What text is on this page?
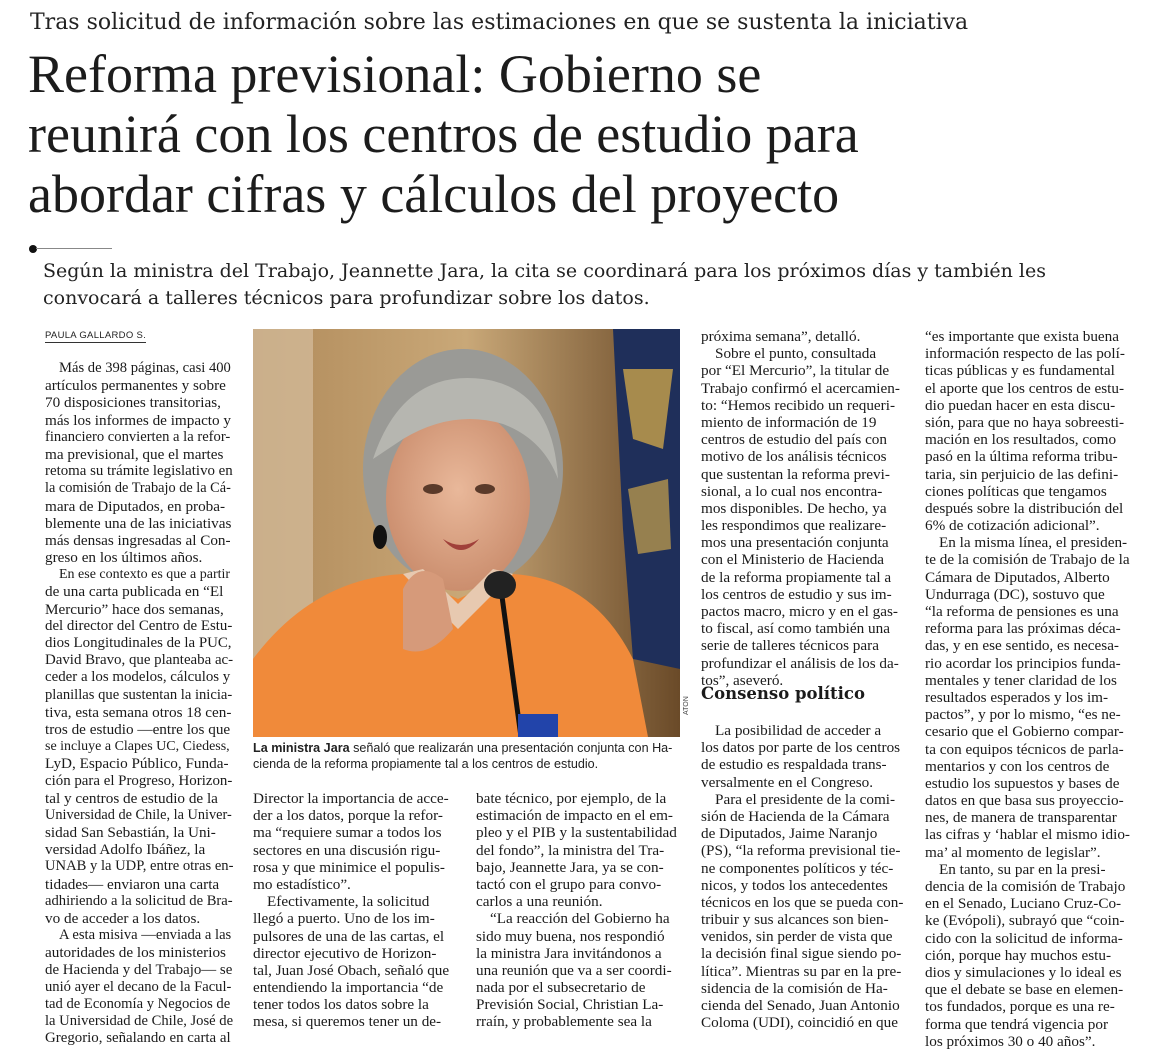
Tras solicitud de información sobre las estimaciones en que se sustenta la iniciativa
Reforma previsional: Gobierno se
reunirá con los centros de estudio para
abordar cifras y cálculos del proyecto
Según la ministra del Trabajo, Jeannette Jara, la cita se coordinará para los próximos días y también les
convocará a talleres técnicos para profundizar sobre los datos.
PAULA GALLARDO S.
Más de 398 páginas, casi 400
artículos permanentes y sobre
70 disposiciones transitorias,
más los informes de impacto y
financiero convierten a la refor-
ma previsional, que el martes
retoma su trámite legislativo en
la comisión de Trabajo de la Cá-
mara de Diputados, en proba-
blemente una de las iniciativas
más densas ingresadas al Con-
greso en los últimos años.
En ese contexto es que a partir
de una carta publicada en “El
Mercurio” hace dos semanas,
del director del Centro de Estu-
dios Longitudinales de la PUC,
David Bravo, que planteaba ac-
ceder a los modelos, cálculos y
planillas que sustentan la inicia-
tiva, esta semana otros 18 cen-
tros de estudio —entre los que
se incluye a Clapes UC, Ciedess,
LyD, Espacio Público, Funda-
ción para el Progreso, Horizon-
tal y centros de estudio de la
Universidad de Chile, la Univer-
sidad San Sebastián, la Uni-
versidad Adolfo Ibáñez, la
UNAB y la UDP, entre otras en-
tidades— enviaron una carta
adhiriendo a la solicitud de Bra-
vo de acceder a los datos.
A esta misiva —enviada a las
autoridades de los ministerios
de Hacienda y del Trabajo— se
unió ayer el decano de la Facul-
tad de Economía y Negocios de
la Universidad de Chile, José de
Gregorio, señalando en carta al
ATON
La ministra Jara señaló que realizarán una presentación conjunta con Ha-
cienda de la reforma propiamente tal a los centros de estudio.
Director la importancia de acce-
der a los datos, porque la refor-
ma “requiere sumar a todos los
sectores en una discusión rigu-
rosa y que minimice el populis-
mo estadístico”.
Efectivamente, la solicitud
llegó a puerto. Uno de los im-
pulsores de una de las cartas, el
director ejecutivo de Horizon-
tal, Juan José Obach, señaló que
entendiendo la importancia “de
tener todos los datos sobre la
mesa, si queremos tener un de-
bate técnico, por ejemplo, de la
estimación de impacto en el em-
pleo y el PIB y la sustentabilidad
del fondo”, la ministra del Tra-
bajo, Jeannette Jara, ya se con-
tactó con el grupo para convo-
carlos a una reunión.
“La reacción del Gobierno ha
sido muy buena, nos respondió
la ministra Jara invitándonos a
una reunión que va a ser coordi-
nada por el subsecretario de
Previsión Social, Christian La-
rraín, y probablemente sea la
próxima semana”, detalló.
Sobre el punto, consultada
por “El Mercurio”, la titular de
Trabajo confirmó el acercamien-
to: “Hemos recibido un requeri-
miento de información de 19
centros de estudio del país con
motivo de los análisis técnicos
que sustentan la reforma previ-
sional, a lo cual nos encontra-
mos disponibles. De hecho, ya
les respondimos que realizare-
mos una presentación conjunta
con el Ministerio de Hacienda
de la reforma propiamente tal a
los centros de estudio y sus im-
pactos macro, micro y en el gas-
to fiscal, así como también una
serie de talleres técnicos para
profundizar el análisis de los da-
tos”, aseveró.
Consenso político
La posibilidad de acceder a
los datos por parte de los centros
de estudio es respaldada trans-
versalmente en el Congreso.
Para el presidente de la comi-
sión de Hacienda de la Cámara
de Diputados, Jaime Naranjo
(PS), “la reforma previsional tie-
ne componentes políticos y téc-
nicos, y todos los antecedentes
técnicos en los que se pueda con-
tribuir y sus alcances son bien-
venidos, sin perder de vista que
la decisión final sigue siendo po-
lítica”. Mientras su par en la pre-
sidencia de la comisión de Ha-
cienda del Senado, Juan Antonio
Coloma (UDI), coincidió en que
“es importante que exista buena
información respecto de las polí-
ticas públicas y es fundamental
el aporte que los centros de estu-
dio puedan hacer en esta discu-
sión, para que no haya sobreesti-
mación en los resultados, como
pasó en la última reforma tribu-
taria, sin perjuicio de las defini-
ciones políticas que tengamos
después sobre la distribución del
6% de cotización adicional”.
En la misma línea, el presiden-
te de la comisión de Trabajo de la
Cámara de Diputados, Alberto
Undurraga (DC), sostuvo que
“la reforma de pensiones es una
reforma para las próximas déca-
das, y en ese sentido, es necesa-
rio acordar los principios funda-
mentales y tener claridad de los
resultados esperados y los im-
pactos”, y por lo mismo, “es ne-
cesario que el Gobierno compar-
ta con equipos técnicos de parla-
mentarios y con los centros de
estudio los supuestos y bases de
datos en que basa sus proyeccio-
nes, de manera de transparentar
las cifras y ‘hablar el mismo idio-
ma’ al momento de legislar”.
En tanto, su par en la presi-
dencia de la comisión de Trabajo
en el Senado, Luciano Cruz-Co-
ke (Evópoli), subrayó que “coin-
cido con la solicitud de informa-
ción, porque hay muchos estu-
dios y simulaciones y lo ideal es
que el debate se base en elemen-
tos fundados, porque es una re-
forma que tendrá vigencia por
los próximos 30 o 40 años”.
